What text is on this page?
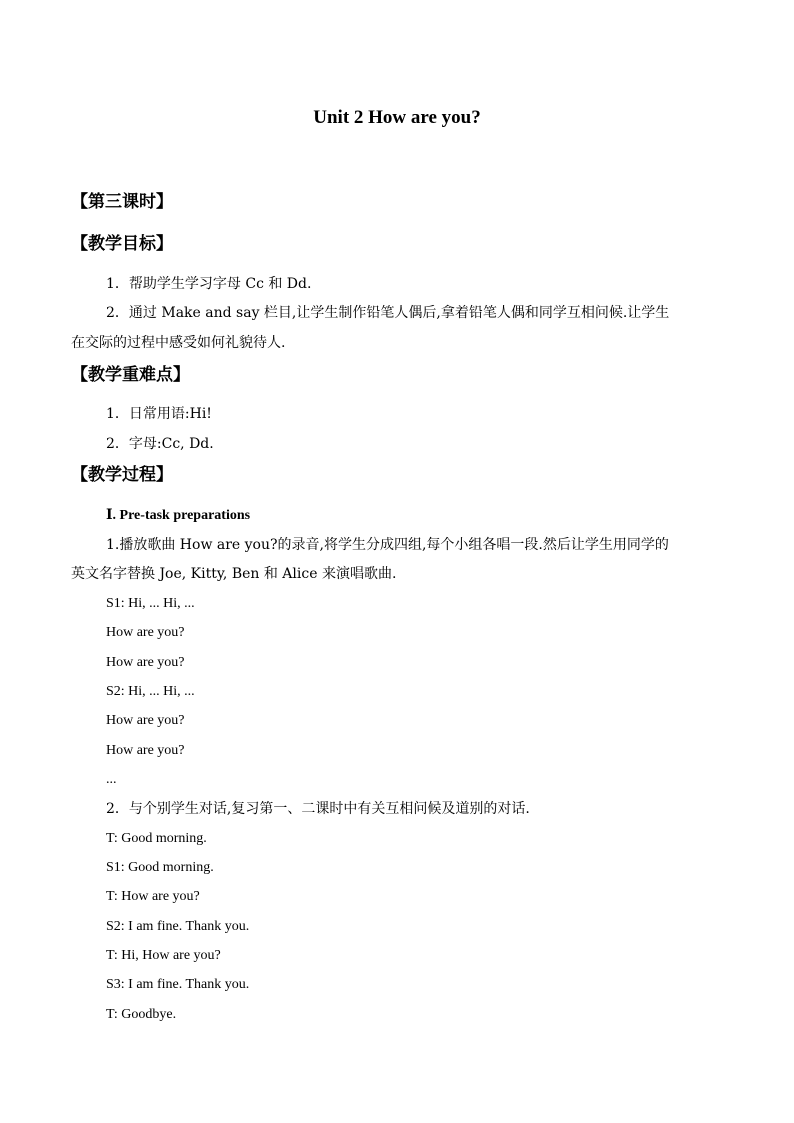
Unit 2 How are you?
【第三课时】
【教学目标】
1．帮助学生学习字母 Cc 和 Dd.
2．通过 Make and say 栏目,让学生制作铅笔人偶后,拿着铅笔人偶和同学互相问候.让学生
在交际的过程中感受如何礼貌待人.
【教学重难点】
1．日常用语:Hi!
2．字母:Cc, Dd.
【教学过程】
Ⅰ. Pre-task preparations
1.播放歌曲 How are you?的录音,将学生分成四组,每个小组各唱一段.然后让学生用同学的
英文名字替换 Joe, Kitty, Ben 和 Alice 来演唱歌曲.
S1: Hi, ... Hi, ...
How are you?
How are you?
S2: Hi, ... Hi, ...
How are you?
How are you?
...
2．与个别学生对话,复习第一、二课时中有关互相问候及道别的对话.
T: Good morning.
S1: Good morning.
T: How are you?
S2: I am fine. Thank you.
T: Hi, How are you?
S3: I am fine. Thank you.
T: Goodbye.
